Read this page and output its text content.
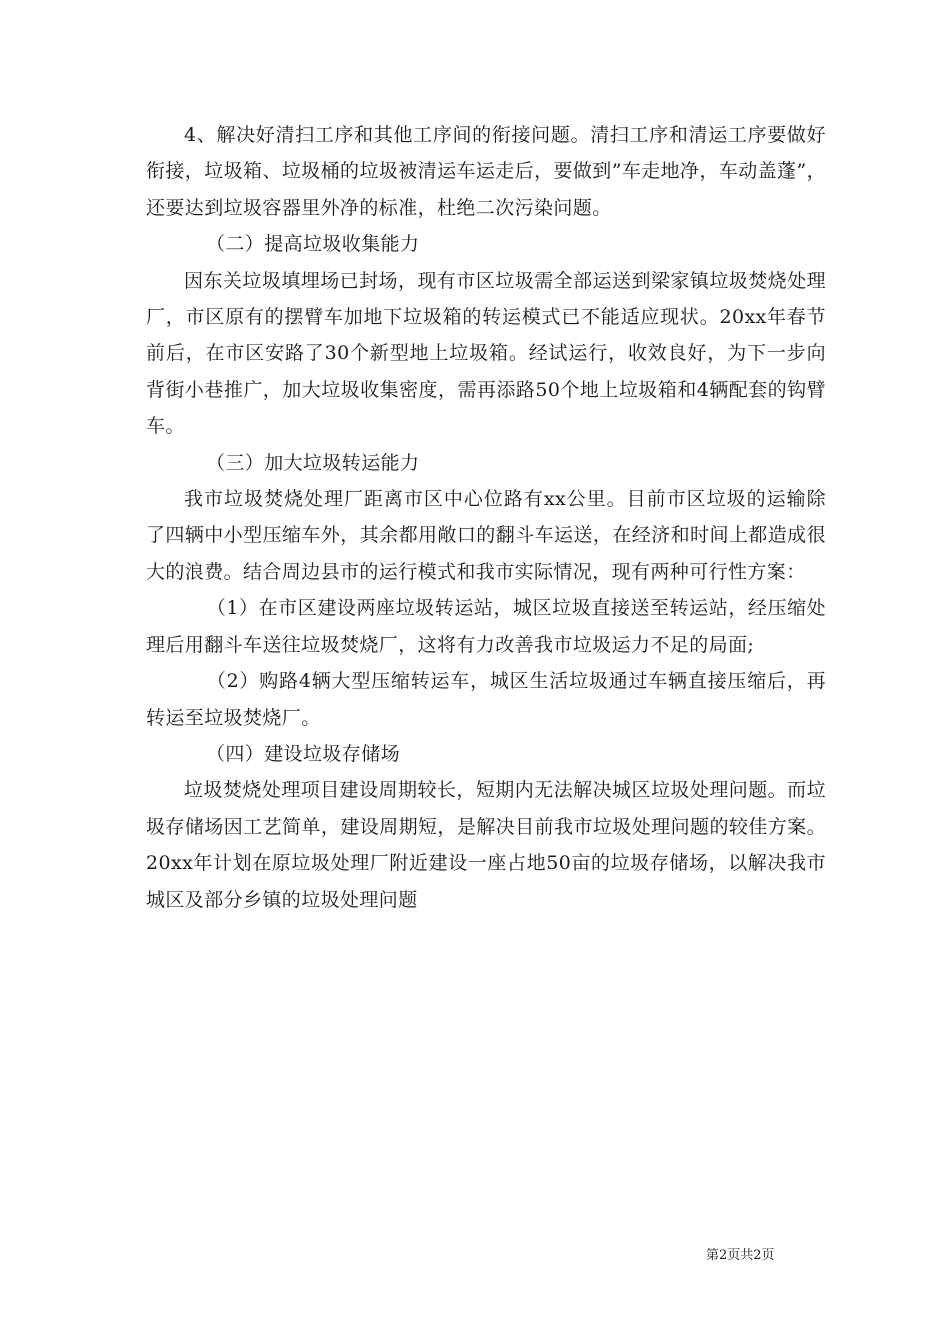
4、解决好清扫工序和其他工序间的衔接问题。清扫工序和清运工序要做好衔接，垃圾箱、垃圾桶的垃圾被清运车运走后，要做到”车走地净，车动盖蓬”，还要达到垃圾容器里外净的标准，杜绝二次污染问题。

（二）提高垃圾收集能力

因东关垃圾填埋场已封场，现有市区垃圾需全部运送到梁家镇垃圾焚烧处理厂，市区原有的摆臂车加地下垃圾箱的转运模式已不能适应现状。20xx年春节前后，在市区安路了30个新型地上垃圾箱。经试运行，收效良好，为下一步向背街小巷推广，加大垃圾收集密度，需再添路50个地上垃圾箱和4辆配套的钩臂车。

（三）加大垃圾转运能力

我市垃圾焚烧处理厂距离市区中心位路有xx公里。目前市区垃圾的运输除了四辆中小型压缩车外，其余都用敞口的翻斗车运送，在经济和时间上都造成很大的浪费。结合周边县市的运行模式和我市实际情况，现有两种可行性方案：

（1）在市区建设两座垃圾转运站，城区垃圾直接送至转运站，经压缩处理后用翻斗车送往垃圾焚烧厂，这将有力改善我市垃圾运力不足的局面;

（2）购路4辆大型压缩转运车，城区生活垃圾通过车辆直接压缩后，再转运至垃圾焚烧厂。

（四）建设垃圾存储场

垃圾焚烧处理项目建设周期较长，短期内无法解决城区垃圾处理问题。而垃圾存储场因工艺简单，建设周期短，是解决目前我市垃圾处理问题的较佳方案。20xx年计划在原垃圾处理厂附近建设一座占地50亩的垃圾存储场，以解决我市城区及部分乡镇的垃圾处理问题

第2页共2页
